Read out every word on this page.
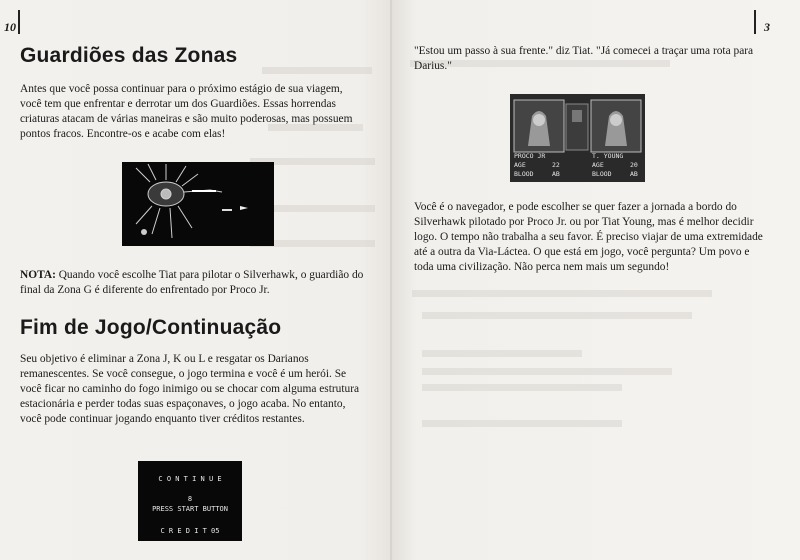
10
Guardiões das Zonas

Antes que você possa continuar para o próximo estágio de sua viagem, você tem que enfrentar e derrotar um dos Guardiões. Essas horrendas criaturas atacam de várias maneiras e são muito poderosas, mas possuem pontos fracos. Encontre-os e acabe com elas!

NOTA: Quando você escolhe Tiat para pilotar o Silverhawk, o guardião do final da Zona G é diferente do enfrentado por Proco Jr.

Fim de Jogo/Continuação

Seu objetivo é eliminar a Zona J, K ou L e resgatar os Darianos remanescentes. Se você consegue, o jogo termina e você é um herói. Se você ficar no caminho do fogo inimigo ou se chocar com alguma estrutura estacionária e perder todas suas espaçonaves, o jogo acaba. No entanto, você pode continuar jogando enquanto tiver créditos restantes.

C O N T I N U E
8
PRESS START BUTTON
C R E D I T 05
3

"Estou um passo à sua frente." diz Tiat. "Já comecei a traçar uma rota para Darius."

PROCO JR
AGE	22
BLOOD	AB
T. YOUNG
AGE	20
BLOOD	AB

Você é o navegador, e pode escolher se quer fazer a jornada a bordo do Silverhawk pilotado por Proco Jr. ou por Tiat Young, mas é melhor decidir logo. O tempo não trabalha a seu favor. É preciso viajar de uma extremidade até a outra da Via-Láctea. O que está em jogo, você pergunta? Um povo e toda uma civilização. Não perca nem mais um segundo!
